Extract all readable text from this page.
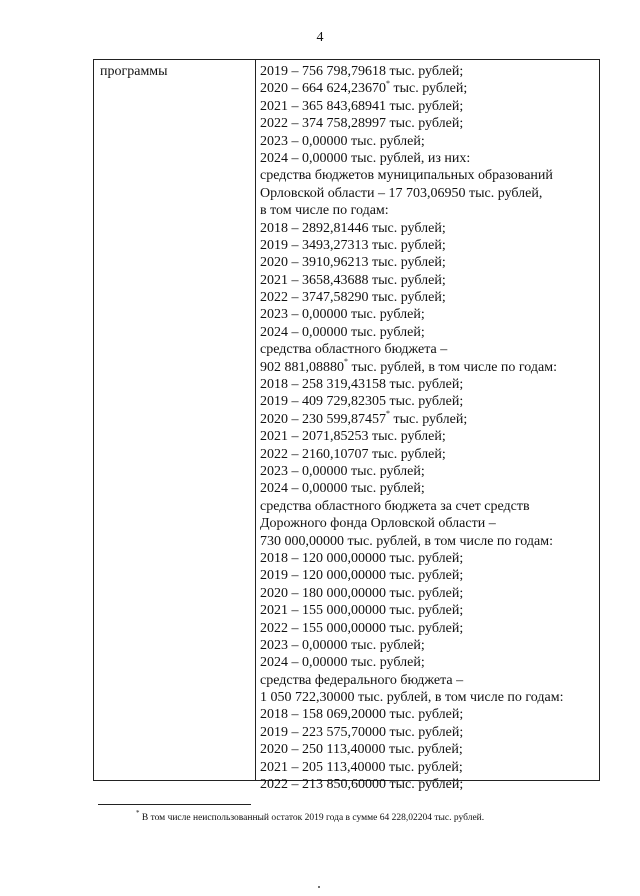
4
программы	2019 – 756 798,79618 тыс. рублей;
2020 – 664 624,23670* тыс. рублей;
2021 – 365 843,68941 тыс. рублей;
2022 – 374 758,28997 тыс. рублей;
2023 – 0,00000 тыс. рублей;
2024 – 0,00000 тыс. рублей, из них:
средства бюджетов муниципальных образований
Орловской области – 17 703,06950 тыс. рублей,
в том числе по годам:
2018 – 2892,81446 тыс. рублей;
2019 – 3493,27313 тыс. рублей;
2020 – 3910,96213 тыс. рублей;
2021 – 3658,43688 тыс. рублей;
2022 – 3747,58290 тыс. рублей;
2023 – 0,00000 тыс. рублей;
2024 – 0,00000 тыс. рублей;
средства областного бюджета –
902 881,08880* тыс. рублей, в том числе по годам:
2018 – 258 319,43158 тыс. рублей;
2019 – 409 729,82305 тыс. рублей;
2020 – 230 599,87457* тыс. рублей;
2021 – 2071,85253 тыс. рублей;
2022 – 2160,10707 тыс. рублей;
2023 – 0,00000 тыс. рублей;
2024 – 0,00000 тыс. рублей;
средства областного бюджета за счет средств
Дорожного фонда Орловской области –
730 000,00000 тыс. рублей, в том числе по годам:
2018 – 120 000,00000 тыс. рублей;
2019 – 120 000,00000 тыс. рублей;
2020 – 180 000,00000 тыс. рублей;
2021 – 155 000,00000 тыс. рублей;
2022 – 155 000,00000 тыс. рублей;
2023 – 0,00000 тыс. рублей;
2024 – 0,00000 тыс. рублей;
средства федерального бюджета –
1 050 722,30000 тыс. рублей, в том числе по годам:
2018 – 158 069,20000 тыс. рублей;
2019 – 223 575,70000 тыс. рублей;
2020 – 250 113,40000 тыс. рублей;
2021 – 205 113,40000 тыс. рублей;
2022 – 213 850,60000 тыс. рублей;
* В том числе неиспользованный остаток 2019 года в сумме 64 228,02204 тыс. рублей.
